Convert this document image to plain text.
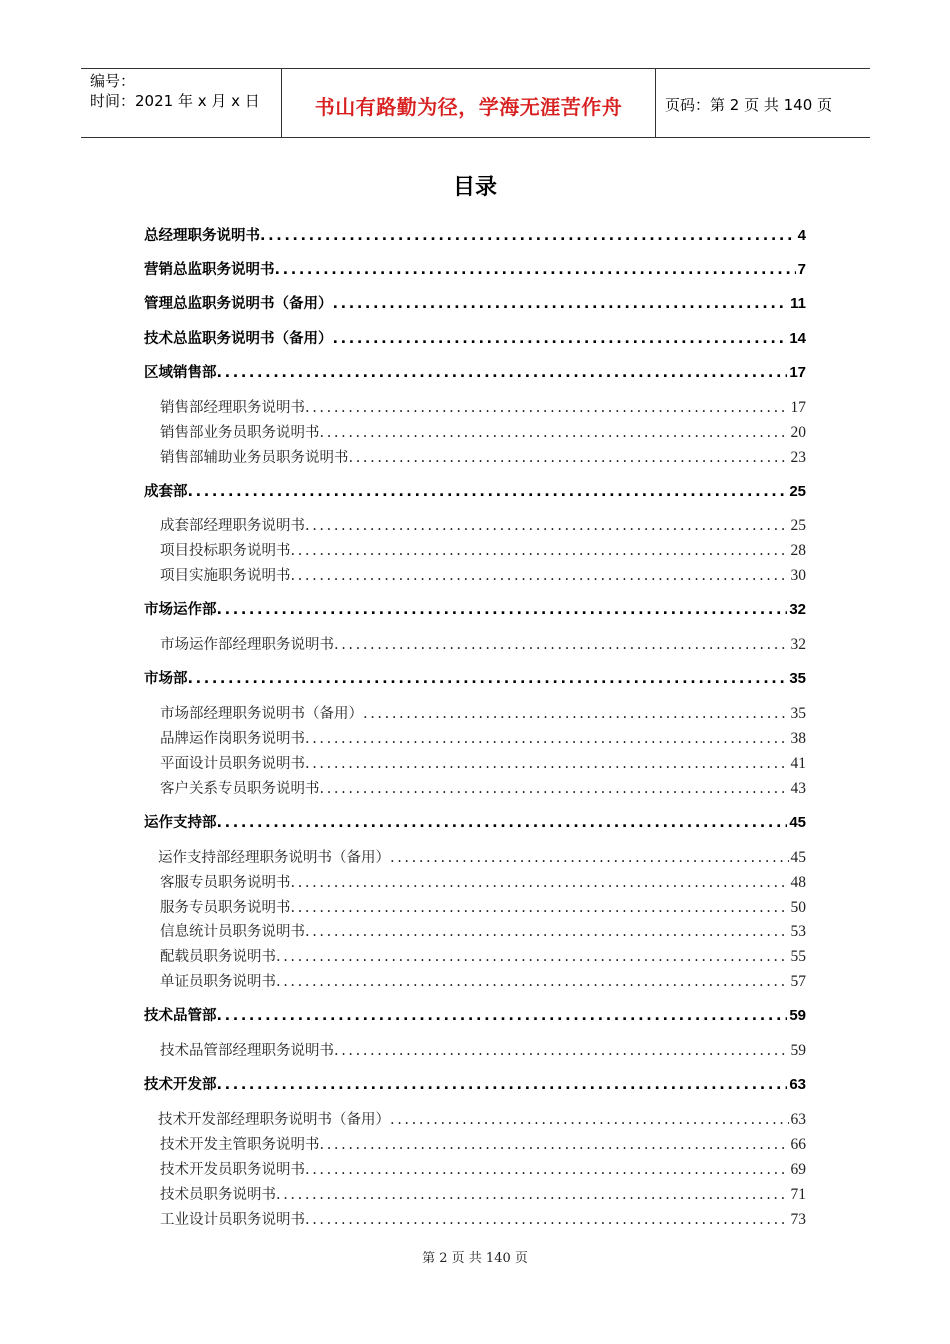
编号：
时间：2021 年 x 月 x 日	书山有路勤为径，学海无涯苦作舟	页码：第 2 页 共 140 页
目录
总经理职务说明书 .....	4
营销总监职务说明书 .....	7
管理总监职务说明书（备用） .....	11
技术总监职务说明书（备用） .....	14
区域销售部 .....	17
销售部经理职务说明书 .....	17
销售部业务员职务说明书 .....	20
销售部辅助业务员职务说明书 .....	23
成套部 .....	25
成套部经理职务说明书 .....	25
项目投标职务说明书 .....	28
项目实施职务说明书 .....	30
市场运作部 .....	32
市场运作部经理职务说明书 .....	32
市场部 .....	35
市场部经理职务说明书（备用） .....	35
品牌运作岗职务说明书 .....	38
平面设计员职务说明书 .....	41
客户关系专员职务说明书 .....	43
运作支持部 .....	45
运作支持部经理职务说明书（备用） .....	45
客服专员职务说明书 .....	48
服务专员职务说明书 .....	50
信息统计员职务说明书 .....	53
配载员职务说明书 .....	55
单证员职务说明书 .....	57
技术品管部 .....	59
技术品管部经理职务说明书 .....	59
技术开发部 .....	63
技术开发部经理职务说明书（备用） .....	63
技术开发主管职务说明书 .....	66
技术开发员职务说明书 .....	69
技术员职务说明书 .....	71
工业设计员职务说明书 .....	73
第 2 页 共 140 页
